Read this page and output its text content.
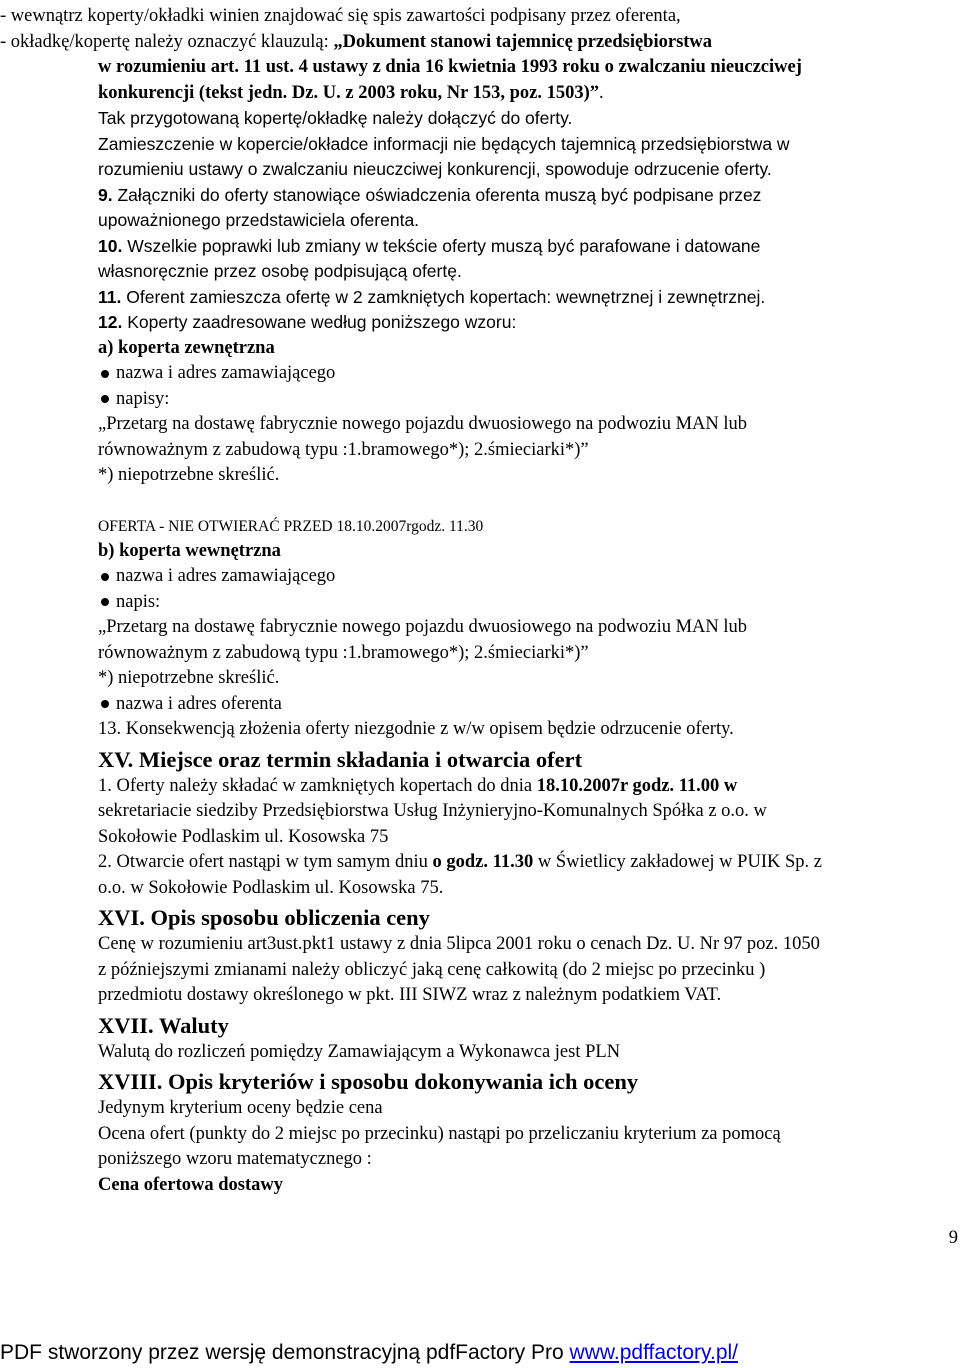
- wewnątrz koperty/okładki winien znajdować się spis zawartości podpisany przez oferenta,
- okładkę/kopertę należy oznaczyć klauzulą: „Dokument stanowi tajemnicę przedsiębiorstwa
w rozumieniu art. 11 ust. 4 ustawy z dnia 16 kwietnia 1993 roku o zwalczaniu nieuczciwej
konkurencji (tekst jedn. Dz. U. z 2003 roku, Nr 153, poz. 1503)”.
Tak przygotowaną kopertę/okładkę należy dołączyć do oferty.
Zamieszczenie w kopercie/okładce informacji nie będących tajemnicą przedsiębiorstwa w
rozumieniu ustawy o zwalczaniu nieuczciwej konkurencji, spowoduje odrzucenie oferty.
9. Załączniki do oferty stanowiące oświadczenia oferenta muszą być podpisane przez
upoważnionego przedstawiciela oferenta.
10. Wszelkie poprawki lub zmiany w tekście oferty muszą być parafowane i datowane
własnoręcznie przez osobę podpisującą ofertę.
11. Oferent zamieszcza ofertę w 2 zamkniętych kopertach: wewnętrznej i zewnętrznej.
12. Koperty zaadresowane według poniższego wzoru:
a) koperta zewnętrzna
nazwa i adres zamawiającego
napisy:
„Przetarg na dostawę fabrycznie nowego pojazdu dwuosiowego na podwoziu MAN lub
równoważnym z zabudową typu :1.bramowego*); 2.śmieciarki*)”
*) niepotrzebne skreślić.
OFERTA - NIE OTWIERAĆ PRZED 18.10.2007rgodz. 11.30
b) koperta wewnętrzna
nazwa i adres zamawiającego
napis:
„Przetarg na dostawę fabrycznie nowego pojazdu dwuosiowego na podwoziu MAN lub
równoważnym z zabudową typu :1.bramowego*); 2.śmieciarki*)”
*) niepotrzebne skreślić.
nazwa i adres oferenta
13. Konsekwencją złożenia oferty niezgodnie z w/w opisem będzie odrzucenie oferty.
XV. Miejsce oraz termin składania i otwarcia ofert
1. Oferty należy składać w zamkniętych kopertach do dnia 18.10.2007r godz. 11.00 w
sekretariacie siedziby Przedsiębiorstwa Usług Inżynieryjno-Komunalnych Spółka z o.o. w
Sokołowie Podlaskim ul. Kosowska 75
2. Otwarcie ofert nastąpi w tym samym dniu o godz. 11.30 w Świetlicy zakładowej w PUIK Sp. z
o.o. w Sokołowie Podlaskim ul. Kosowska 75.
XVI. Opis sposobu obliczenia ceny
Cenę w rozumieniu art3ust.pkt1 ustawy z dnia 5lipca 2001 roku o cenach Dz. U. Nr 97 poz. 1050
z późniejszymi zmianami należy obliczyć jaką cenę całkowitą (do 2 miejsc po przecinku )
przedmiotu dostawy określonego w pkt. III SIWZ wraz z należnym podatkiem VAT.
XVII. Waluty
Walutą do rozliczeń pomiędzy Zamawiającym a Wykonawca jest PLN
XVIII. Opis kryteriów i sposobu dokonywania ich oceny
Jedynym kryterium oceny będzie cena
Ocena ofert (punkty do 2 miejsc po przecinku) nastąpi po przeliczaniu kryterium za pomocą
poniższego wzoru matematycznego :
Cena ofertowa dostawy
9
PDF stworzony przez wersję demonstracyjną pdfFactory Pro www.pdffactory.pl/
